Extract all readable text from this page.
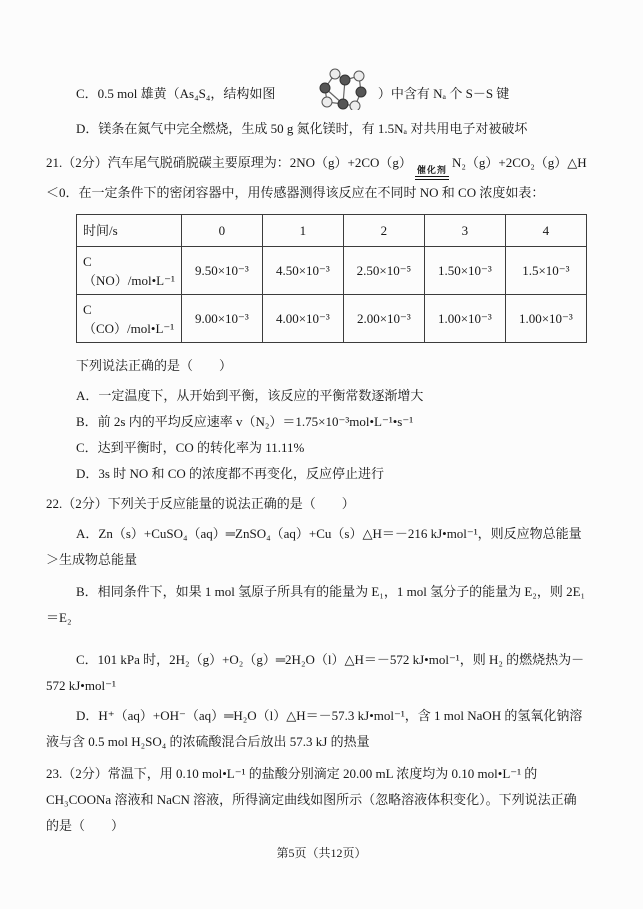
C．0.5 mol 雄黄（As₄S₄，结构如图	）中含有 Nₐ 个 S－S 键

D．镁条在氮气中完全燃烧，生成 50 g 氮化镁时，有 1.5Nₐ 对共用电子对被破坏

21.（2分）汽车尾气脱硝脱碳主要原理为：2NO（g）+2CO（g） 催化剂 N₂（g）+2CO₂（g）△H＜0．在一定条件下的密闭容器中，用传感器测得该反应在不同时 NO 和 CO 浓度如表：

时间/s	0	1	2	3	4
C（NO）/mol•L⁻¹	9.50×10⁻³	4.50×10⁻³	2.50×10⁻⁵	1.50×10⁻³	1.5×10⁻³
C（CO）/mol•L⁻¹	9.00×10⁻³	4.00×10⁻³	2.00×10⁻³	1.00×10⁻³	1.00×10⁻³

下列说法正确的是（　　）

A．一定温度下，从开始到平衡，该反应的平衡常数逐渐增大

B．前 2s 内的平均反应速率 v（N₂）＝1.75×10⁻³mol•L⁻¹•s⁻¹

C．达到平衡时，CO 的转化率为 11.11%

D．3s 时 NO 和 CO 的浓度都不再变化，反应停止进行

22.（2分）下列关于反应能量的说法正确的是（　　）

A．Zn（s）+CuSO₄（aq）═ZnSO₄（aq）+Cu（s）△H＝－216 kJ•mol⁻¹，则反应物总能量＞生成物总能量

B．相同条件下，如果 1 mol 氢原子所具有的能量为 E₁，1 mol 氢分子的能量为 E₂，则 2E₁＝E₂

C．101 kPa 时，2H₂（g）+O₂（g）═2H₂O（l）△H＝－572 kJ•mol⁻¹，则 H₂ 的燃烧热为－572 kJ•mol⁻¹

D．H⁺（aq）+OH⁻（aq）═H₂O（l）△H＝－57.3 kJ•mol⁻¹，含 1 mol NaOH 的氢氧化钠溶液与含 0.5 mol H₂SO₄ 的浓硫酸混合后放出 57.3 kJ 的热量

23.（2分）常温下，用 0.10 mol•L⁻¹ 的盐酸分别滴定 20.00 mL 浓度均为 0.10 mol•L⁻¹ 的 CH₃COONa 溶液和 NaCN 溶液，所得滴定曲线如图所示（忽略溶液体积变化）。下列说法正确的是（　　）

第5页（共12页）
